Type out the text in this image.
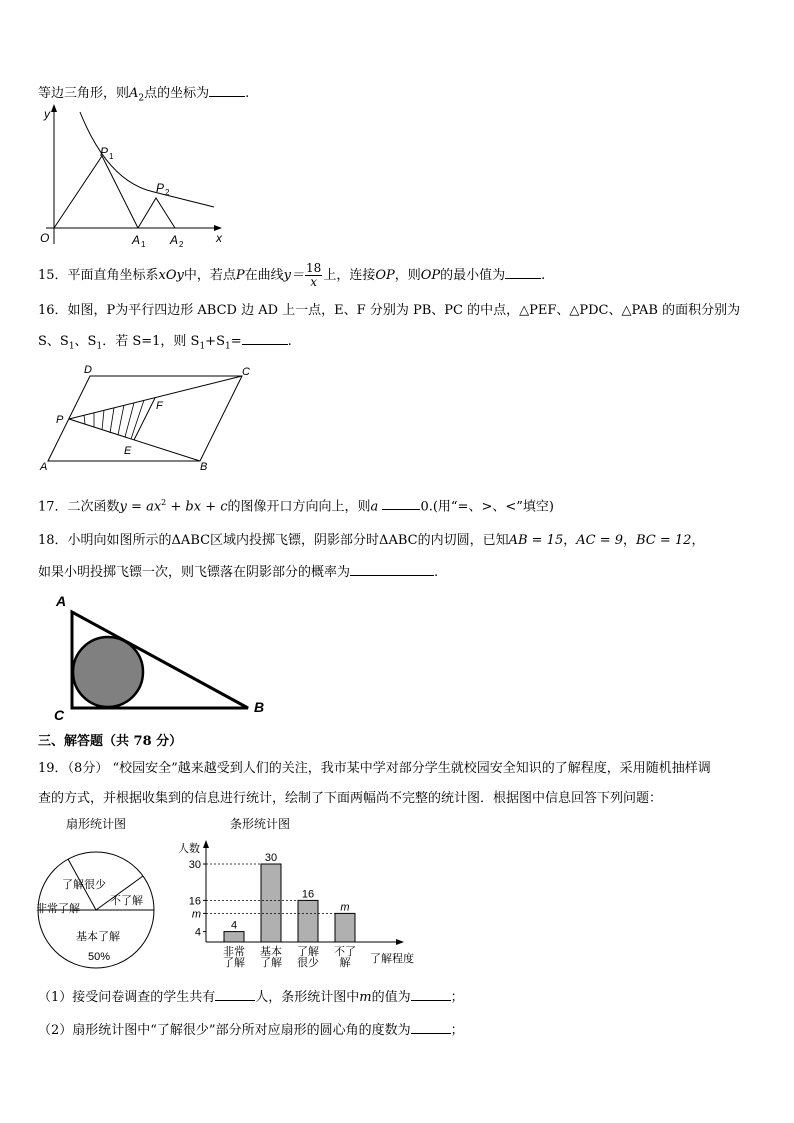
等边三角形，则$A_2$点的坐标为	.
y
x
O
P 1
P 2
A 1 A 2
15．平面直角坐标系xOy中，若点P在曲线$y= \frac{18}{x}$ 上，连接OP，则OP的最小值为	.
16．如图，P为平行四边形 ABCD 边 AD 上一点，E、F 分别为 PB、PC 的中点，△PEF、△PDC、△PAB 的面积分别为
S、$S_1$、$S_1$．若 S=1，则 $S_1+S_1=$	.
D	C
P
F
E
A	B
17．二次函数$y = ax^2$ + bx + c的图像开口方向向上，则a	0.(用“=、>、<”填空)
18．小明向如图所示的ΔABC区域内投掷飞镖，阴影部分时ΔABC的内切圆，已知AB = 15，AC = 9，BC = 12，
如果小明投掷飞镖一次，则飞镖落在阴影部分的概率为	.
A
B
C
三、解答题（共 78 分）
19．（8分） “校园安全”越来越受到人们的关注，我市某中学对部分学生就校园安全知识的了解程度，采用随机抽样调
查的方式，并根据收集到的信息进行统计，绘制了下面两幅尚不完整的统计图．根据图中信息回答下列问题：
扇形统计图	条形统计图
了解很少
不了解
非常了解
基本了解
50%
人数
了解程度
4
m
16
30
4
非常
了解
30
基本
了解
16
了解
很少
m
不了
解
（1）接受问卷调查的学生共有	人，条形统计图中m的值为	；
（2）扇形统计图中“了解很少”部分所对应扇形的圆心角的度数为	；
